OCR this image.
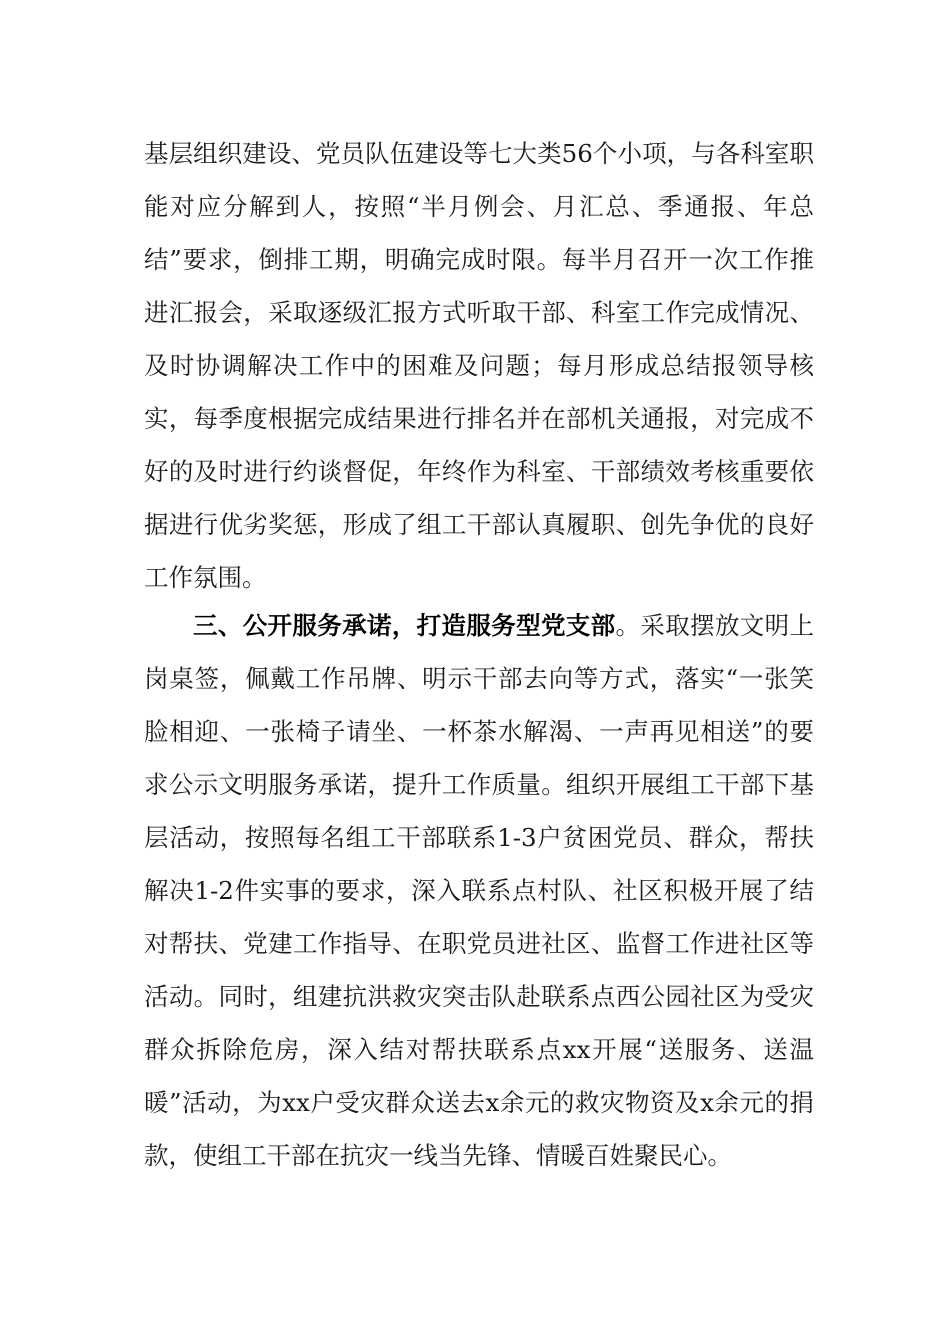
基层组织建设、党员队伍建设等七大类56个小项，与各科室职能对应分解到人，按照“半月例会、月汇总、季通报、年总结”要求，倒排工期，明确完成时限。每半月召开一次工作推进汇报会，采取逐级汇报方式听取干部、科室工作完成情况、及时协调解决工作中的困难及问题；每月形成总结报领导核实，每季度根据完成结果进行排名并在部机关通报，对完成不好的及时进行约谈督促，年终作为科室、干部绩效考核重要依据进行优劣奖惩，形成了组工干部认真履职、创先争优的良好工作氛围。

三、公开服务承诺，打造服务型党支部。采取摆放文明上岗桌签，佩戴工作吊牌、明示干部去向等方式，落实“一张笑脸相迎、一张椅子请坐、一杯茶水解渴、一声再见相送”的要求公示文明服务承诺，提升工作质量。组织开展组工干部下基层活动，按照每名组工干部联系1-3户贫困党员、群众，帮扶解决1-2件实事的要求，深入联系点村队、社区积极开展了结对帮扶、党建工作指导、在职党员进社区、监督工作进社区等活动。同时，组建抗洪救灾突击队赴联系点西公园社区为受灾群众拆除危房，深入结对帮扶联系点xx开展“送服务、送温暖”活动，为xx户受灾群众送去x余元的救灾物资及x余元的捐款，使组工干部在抗灾一线当先锋、情暖百姓聚民心。
